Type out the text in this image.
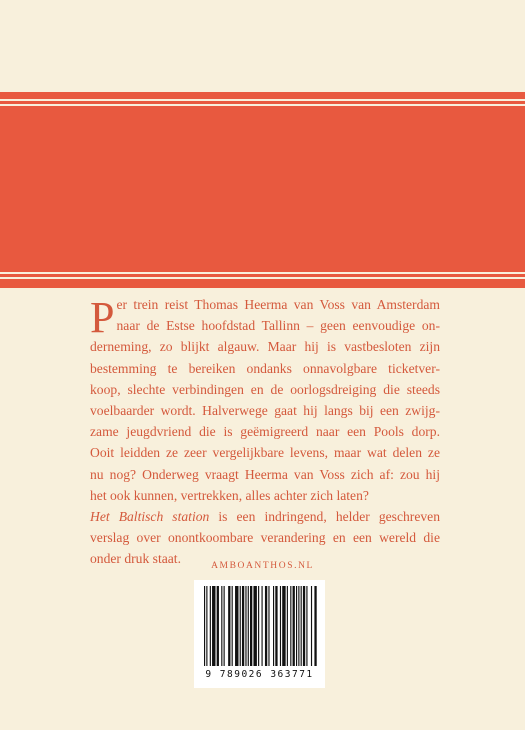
P er trein reist Thomas Heerma van Voss van Amsterdam
naar de Estse hoofdstad Tallinn – geen eenvoudige on-
derneming, zo blijkt algauw. Maar hij is vastbesloten zijn
bestemming te bereiken ondanks onnavolgbare ticketver-
koop, slechte verbindingen en de oorlogsdreiging die steeds
voelbaarder wordt. Halverwege gaat hij langs bij een zwijg-
zame jeugdvriend die is geëmigreerd naar een Pools dorp.
Ooit leidden ze zeer vergelijkbare levens, maar wat delen ze
nu nog? Onderweg vraagt Heerma van Voss zich af: zou hij
het ook kunnen, vertrekken, alles achter zich laten?
Het Baltisch station is een indringend, helder geschreven
verslag over onontkoombare verandering en een wereld die
onder druk staat.	AMBOANTHOS.NL
9 789026 363771
